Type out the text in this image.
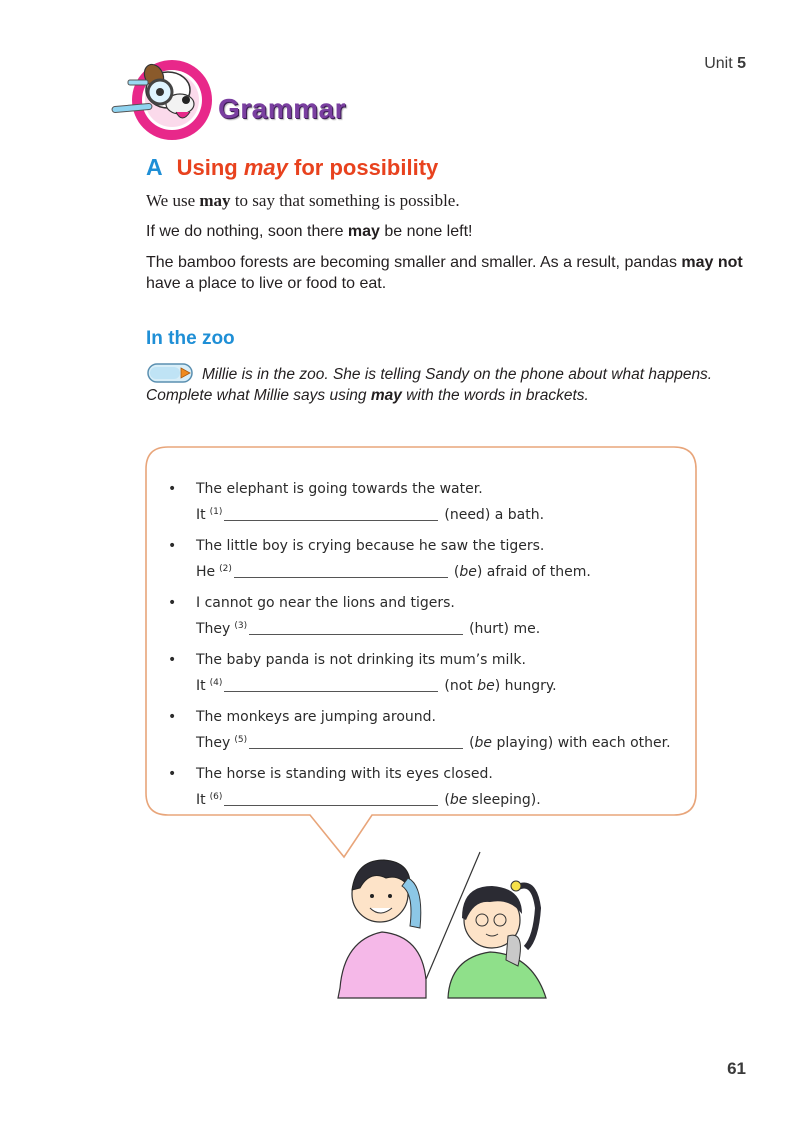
Unit 5
Grammar
A Using may for possibility
We use may to say that something is possible.
If we do nothing, soon there may be none left!
The bamboo forests are becoming smaller and smaller. As a result, pandas may not have a place to live or food to eat.
In the zoo
Millie is in the zoo. She is telling Sandy on the phone about what happens. Complete what Millie says using may with the words in brackets.
• The elephant is going towards the water.
It $^{(1)}$	(need) a bath.
• The little boy is crying because he saw the tigers.
He $^{(2)}$	(be) afraid of them.
• I cannot go near the lions and tigers.
They $^{(3)}$	(hurt) me.
• The baby panda is not drinking its mum’s milk.
It $^{(4)}$	(not be) hungry.
• The monkeys are jumping around.
They $^{(5)}$	(be playing) with each other.
• The horse is standing with its eyes closed.
It $^{(6)}$	(be sleeping).
61
